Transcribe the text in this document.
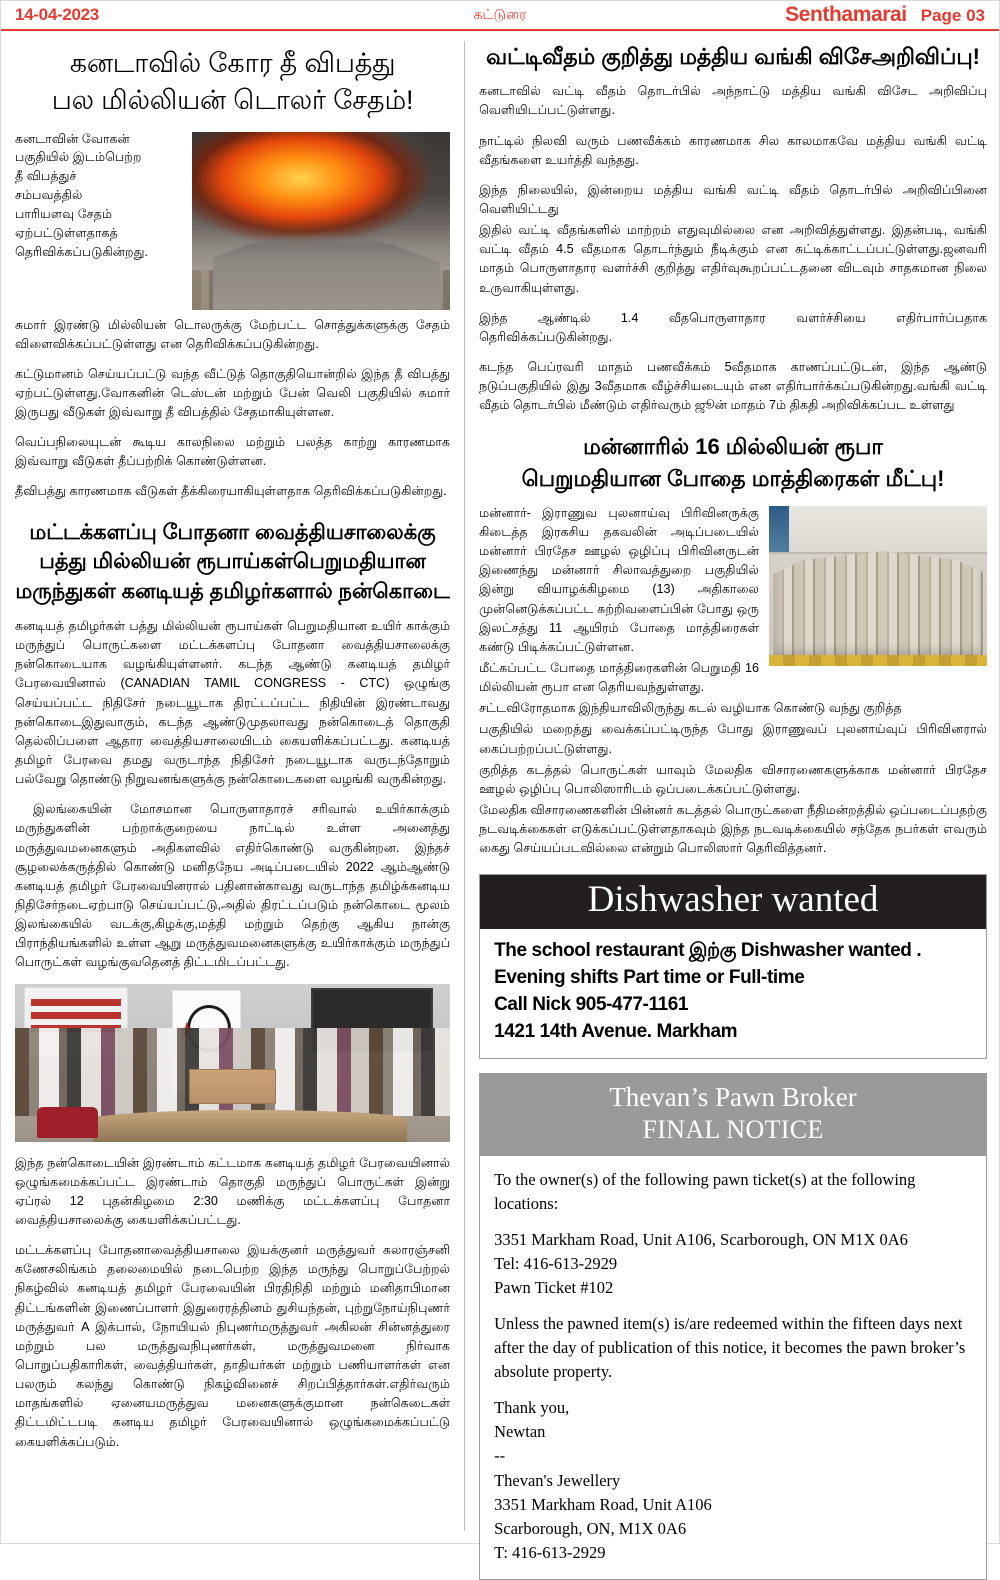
14-04-2023	கட்டுரை	Senthamarai Page 03
கனடாவில் கோர தீ விபத்து
பல மில்லியன் டொலர் சேதம்!
கனடாவின் வோகன் பகுதியில் இடம்பெற்ற தீ விபத்துச் சம்பவத்தில் பாரியளவு சேதம் ஏற்பட்டுள்ளதாகத் தெரிவிக்கப்படுகின்றது.

சுமார் இரண்டு மில்லியன் டொலருக்கு மேற்பட்ட சொத்துக்களுக்கு சேதம் விளைவிக்கப்பட்டுள்ளது என தெரிவிக்கப்படுகின்றது.

கட்டுமானம் செய்யப்பட்டு வந்த வீட்டுத் தொகுதியொன்றில் இந்த தீ விபத்து ஏற்பட்டுள்ளது.வோகனின் டெஸ்டன் மற்றும் பேன் வெலி பகுதியில் சுமார் இருபது வீடுகள் இவ்வாறு தீ விபத்தில் சேதமாகியுள்ளன.

வெப்பநிலையுடன் கூடிய காலநிலை மற்றும் பலத்த காற்று காரணமாக இவ்வாறு வீடுகள் தீப்பற்றிக் கொண்டுள்ளன.

தீவிபத்து காரணமாக வீடுகள் தீக்கிரையாகியுள்ளதாக தெரிவிக்கப்படுகின்றது.

மட்டக்களப்பு போதனா வைத்தியசாலைக்கு
பத்து மில்லியன் ரூபாய்கள்பெறுமதியான
மருந்துகள் கனடியத் தமிழர்களால் நன்கொடை

கனடியத் தமிழர்கள் பத்து மில்லியன் ரூபாய்கள் பெறுமதியான உயிர் காக்கும் மருந்துப் பொருட்களை மட்டக்களப்பு போதனா வைத்தியசாலைக்கு நன்கொடையாக வழங்கியுள்ளனர். கடந்த ஆண்டு கனடியத் தமிழர் பேரவையினால் (CANADIAN TAMIL CONGRESS - CTC) ஒழுங்கு செய்யப்பட்ட நிதிசேர் நடையூடாக திரட்டப்பட்ட நிதியின் இரண்டாவது நன்கொடைஇதுவாகும், கடந்த ஆண்டுமுதலாவது நன்கொடைத் தொகுதி தெல்லிப்பளை ஆதார வைத்தியசாலையிடம் கையளிக்கப்பட்டது. கனடியத் தமிழர் பேரவை தமது வருடாந்த நிதிசேர் நடையூடாக வருடந்தோறும் பல்வேறு தொண்டு நிறுவனங்களுக்கு நன்கொடைகளை வழங்கி வருகின்றது.

இலங்கையின் மோசமான பொருளாதாரச் சரிவால் உயிர்காக்கும் மருந்துகளின் பற்றாக்குறையை நாட்டில் உள்ள அனைத்து மருத்துவமனைகளும் அதிகளவில் எதிர்கொண்டு வருகின்றன. இந்தச் சூழலைக்கருத்தில் கொண்டு மனிதநேய அடிப்படையில் 2022 ஆம்ஆண்டு கனடியத் தமிழர் பேரவையினரால் பதினான்காவது வருடாந்த தமிழ்க்கனடிய நிதிசேர்நடைஏற்பாடு செய்யப்பட்டு,அதில் திரட்டப்படும் நன்கொடை மூலம் இலங்கையில் வடக்கு,கிழக்கு,மத்தி மற்றும் தெற்கு ஆகிய நான்கு பிராந்தியங்களில் உள்ள ஆறு மருத்துவமனைகளுக்கு உயிர்காக்கும் மருந்துப் பொருட்கள் வழங்குவதெனத் திட்டமிடப்பட்டது.

இந்த நன்கொடையின் இரண்டாம் கட்டமாக கனடியத் தமிழர் பேரவையினால் ஒழுங்கமைக்கப்பட்ட இரண்டாம் தொகுதி மருந்துப் பொருட்கள் இன்று ஏப்ரல் 12 புதன்கிழமை 2:30 மணிக்கு மட்டக்களப்பு போதனா வைத்தியசாலைக்கு கையளிக்கப்பட்டது.

மட்டக்களப்பு போதனாவைத்தியசாலை இயக்குனர் மருத்துவர் கலாரஞ்சனி கணேசலிங்கம் தலைமையில் நடைபெற்ற இந்த மருந்து பொறுப்பேற்றல் நிகழ்வில் கனடியத் தமிழர் பேரவையின் பிரதிநிதி மற்றும் மனிதாபிமான திட்டங்களின் இணைப்பாளர் இதுரைரத்தினம் துசியந்தன், புற்றுநோய்நிபுணர் மருத்துவர் A இக்பால், நோயியல் நிபுணர்மருத்துவர் அகிலன் சின்னத்துரை மற்றும் பல மருத்துவநிபுணர்கள், மருத்துவமனை நிர்வாக பொறுப்பதிகாரிகள், வைத்தியர்கள், தாதியர்கள் மற்றும் பணியாளர்கள் என பலரும் கலந்து கொண்டு நிகழ்வினைச் சிறப்பித்தார்கள்.எதிர்வரும் மாதங்களில் ஏனையமருத்துவ மனைகளுக்குமான நன்கெடைகள் திட்டமிட்டபடி கனடிய தமிழர் பேரவையினால் ஒழுங்கமைக்கப்பட்டு கையளிக்கப்படும்.

வட்டிவீதம் குறித்து மத்திய வங்கி விசேஅறிவிப்பு!

கனடாவில் வட்டி வீதம் தொடர்பில் அந்நாட்டு மத்திய வங்கி விசேட அறிவிப்பு வெளியிடப்பட்டுள்ளது.

நாட்டில் நிலவி வரும் பணவீக்கம் காரணமாக சில காலமாகவே மத்திய வங்கி வட்டி வீதங்களை உயர்த்தி வந்தது.

இந்த நிலையில், இன்றைய மத்திய வங்கி வட்டி வீதம் தொடர்பில் அறிவிப்பினை வெளியிட்டது

இதில் வட்டி வீதங்களில் மாற்றம் எதுவுமில்லை என அறிவித்துள்ளது. இதன்படி, வங்கி வட்டி வீதம் 4.5 வீதமாக தொடர்ந்தும் நீடிக்கும் என சுட்டிக்காட்டப்பட்டுள்ளது.ஜனவரி மாதம் பொருளாதார வளர்ச்சி குறித்து எதிர்வுகூறப்பட்டதனை விடவும் சாதகமான நிலை உருவாகியுள்ளது.

இந்த ஆண்டில் 1.4 வீதபொருளாதார வளர்ச்சியை எதிர்பார்ப்பதாக தெரிவிக்கப்படுகின்றது.

கடந்த பெப்ரவரி மாதம் பணவீக்கம் 5வீதமாக காணப்பட்டுடன், இந்த ஆண்டு நடுப்பகுதியில் இது 3வீதமாக வீழ்ச்சியடையும் என எதிர்பார்க்கப்படுகின்றது.வங்கி வட்டி வீதம் தொடர்பில் மீண்டும் எதிர்வரும் ஜூன் மாதம் 7ம் திகதி அறிவிக்கப்பட உள்ளது

மன்னாரில் 16 மில்லியன் ரூபா
பெறுமதியான போதை மாத்திரைகள் மீட்பு!

மன்னார்- இராணுவ புலனாய்வு பிரிவினருக்கு கிடைத்த இரகசிய தகவலின் அடிப்படையில் மன்னார் பிரதேச ஊழல் ஒழிப்பு பிரிவினருடன் இணைந்து மன்னார் சிலாவத்துறை பகுதியில் இன்று வியாழக்கிழமை (13) அதிகாலை முன்னெடுக்கப்பட்ட சுற்றிவளைப்பின் போது ஒரு இலட்சத்து 11 ஆயிரம் போதை மாத்திரைகள் கண்டு பிடிக்கப்பட்டுள்ளன.

மீட்கப்பட்ட போதை மாத்திரைகளின் பெறுமதி 16 மில்லியன் ரூபா என தெரியவந்துள்ளது.

சட்டவிரோதமாக இந்தியாவிலிருந்து கடல் வழியாக கொண்டு வந்து குறித்த

பகுதியில் மறைத்து வைக்கப்பட்டிருந்த போது இராணுவப் புலனாய்வுப் பிரிவினரால் கைப்பற்றப்பட்டுள்ளது.

குறித்த கடத்தல் பொருட்கள் யாவும் மேலதிக விசாரணைகளுக்காக மன்னார் பிரதேச ஊழல் ஒழிப்பு பொலிஸாரிடம் ஒப்படைக்கப்பட்டுள்ளது.

மேலதிக விசாரணைகளின் பின்னர் கடத்தல் பொருட்களை நீதிமன்றத்தில் ஒப்படைப்பதற்கு நடவடிக்கைகள் எடுக்கப்பட்டுள்ளதாகவும் இந்த நடவடிக்கையில் சந்தேக நபர்கள் எவரும் கைது செய்யப்படவில்லை என்றும் பொலிஸார் தெரிவித்தனர்.

Dishwasher wanted
The school restaurant இற்கு Dishwasher wanted .
Evening shifts Part time or Full-time
Call Nick 905-477-1161
1421 14th Avenue. Markham
Thevan’s Pawn Broker
FINAL NOTICE

To the owner(s) of the following pawn ticket(s) at the following locations:

3351 Markham Road, Unit A106, Scarborough, ON M1X 0A6

Tel: 416-613-2929

Pawn Ticket #102

Unless the pawned item(s) is/are redeemed within the fifteen days next after the day of publication of this notice, it becomes the pawn broker’s absolute property.

Thank you,

Newtan

--

Thevan's Jewellery

3351 Markham Road, Unit A106

Scarborough, ON, M1X 0A6

T: 416-613-2929
